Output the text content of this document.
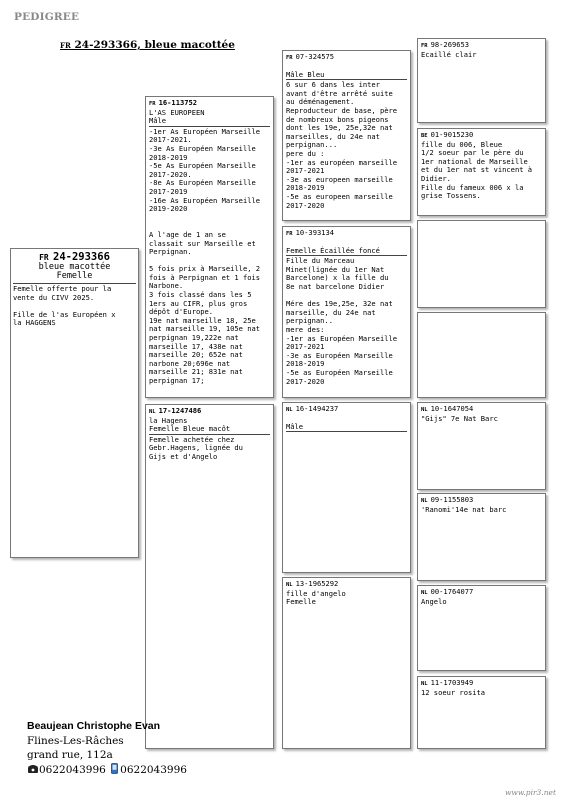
PEDIGREE
FR 24-293366, bleue macottée
FR 24-293366
bleue macottée
Femelle
Femelle offerte pour la
vente du CIVV 2025.

Fille de l'as Européen x
la HAGGENS
FR 16-113752
L'AS EUROPEEN
Mâle
-1er As Européen Marseille
2017-2021.
-3e As Européen Marseille
2018-2019
-5e As Européen Marseille
2017-2020.
-8e As Européen Marseille
2017-2019
-16e As Européen Marseille
2019-2020

A l'age de 1 an se
classait sur Marseille et
Perpignan.

5 fois prix à Marseille, 2
fois à Perpignan et 1 fois
Narbone.
3 fois classé dans les 5
1ers au CIFR, plus gros
dépôt d'Europe.
19e nat marseille 18, 25e
nat marseille 19, 105e nat
perpignan 19,222e nat
marseille 17, 438e nat
marseille 20; 652e nat
narbone 20;696e nat
marseille 21; 831e nat
perpignan 17;
NL 17-1247486
la Hagens
Femelle Bleue macôt
Femelle achetée chez
Gebr.Hagens, lignée du
Gijs et d'Angelo
FR 07-324575
Mâle Bleu
6 sur 6 dans les inter
avant d'être arrêté suite
au déménagement.
Reproducteur de base, père
de nombreux bons pigeons
dont les 19e, 25e,32e nat
marseilles, du 24e nat
perpignan...
pere du :
-1er as européen marseille
2017-2021
-3e as europeen marseille
2018-2019
-5e as europeen marseille
2017-2020
FR 10-393134
Femelle Écaillée foncé
Fille du Marceau
Minet(lignée du 1er Nat
Barcelone) x la fille du
8e nat barcelone Didier

Mére des 19e,25e, 32e nat
marseille, du 24e nat
perpignan..
mere des:
-1er as Européen Marseille
2017-2021
-3e as Européen Marseille
2018-2019
-5e as Européen Marseille
2017-2020
NL 16-1494237
Mâle
NL 13-1965292
fille d'angelo
Femelle
FR 98-269653
Ecaillé clair
BE 01-9015230
fille du 006, Bleue
1/2 soeur par le père du
1er national de Marseille
et du 1er nat st vincent à
Didier.
Fille du fameux 006 x la
grise Tossens.
NL 10-1647054
"Gijs" 7e Nat Barc
NL 09-1155803
'Ranomi'14e nat barc
NL 00-1764077
Angelo
NL 11-1703949
12 soeur rosita
Beaujean Christophe Evan
Flines-Les-Râches
grand rue, 112a
0622043996 0622043996
www.pir3.net
